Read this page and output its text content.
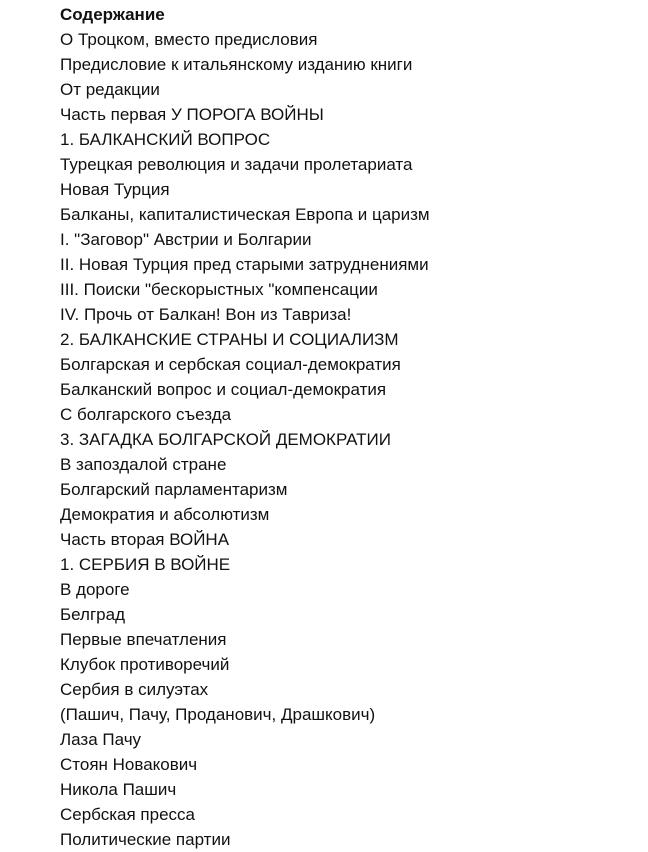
Содержание
О Троцком, вместо предисловия
Предисловие к итальянскому изданию книги
От редакции
Часть первая У ПОРОГА ВОЙНЫ
1. БАЛКАНСКИЙ ВОПРОС
Турецкая революция и задачи пролетариата
Новая Турция
Балканы, капиталистическая Европа и царизм
I. "Заговор" Австрии и Болгарии
II. Новая Турция пред старыми затруднениями
III. Поиски "бескорыстных "компенсации
IV. Прочь от Балкан! Вон из Тавриза!
2. БАЛКАНСКИЕ СТРАНЫ И СОЦИАЛИЗМ
Болгарская и сербская социал-демократия
Балканский вопрос и социал-демократия
С болгарского съезда
3. ЗАГАДКА БОЛГАРСКОЙ ДЕМОКРАТИИ
В запоздалой стране
Болгарский парламентаризм
Демократия и абсолютизм
Часть вторая ВОЙНА
1. СЕРБИЯ В ВОЙНЕ
В дороге
Белград
Первые впечатления
Клубок противоречий
Сербия в силуэтах
(Пашич, Пачу, Проданович, Драшкович)
Лаза Пачу
Стоян Новакович
Никола Пашич
Сербская пресса
Политические партии
